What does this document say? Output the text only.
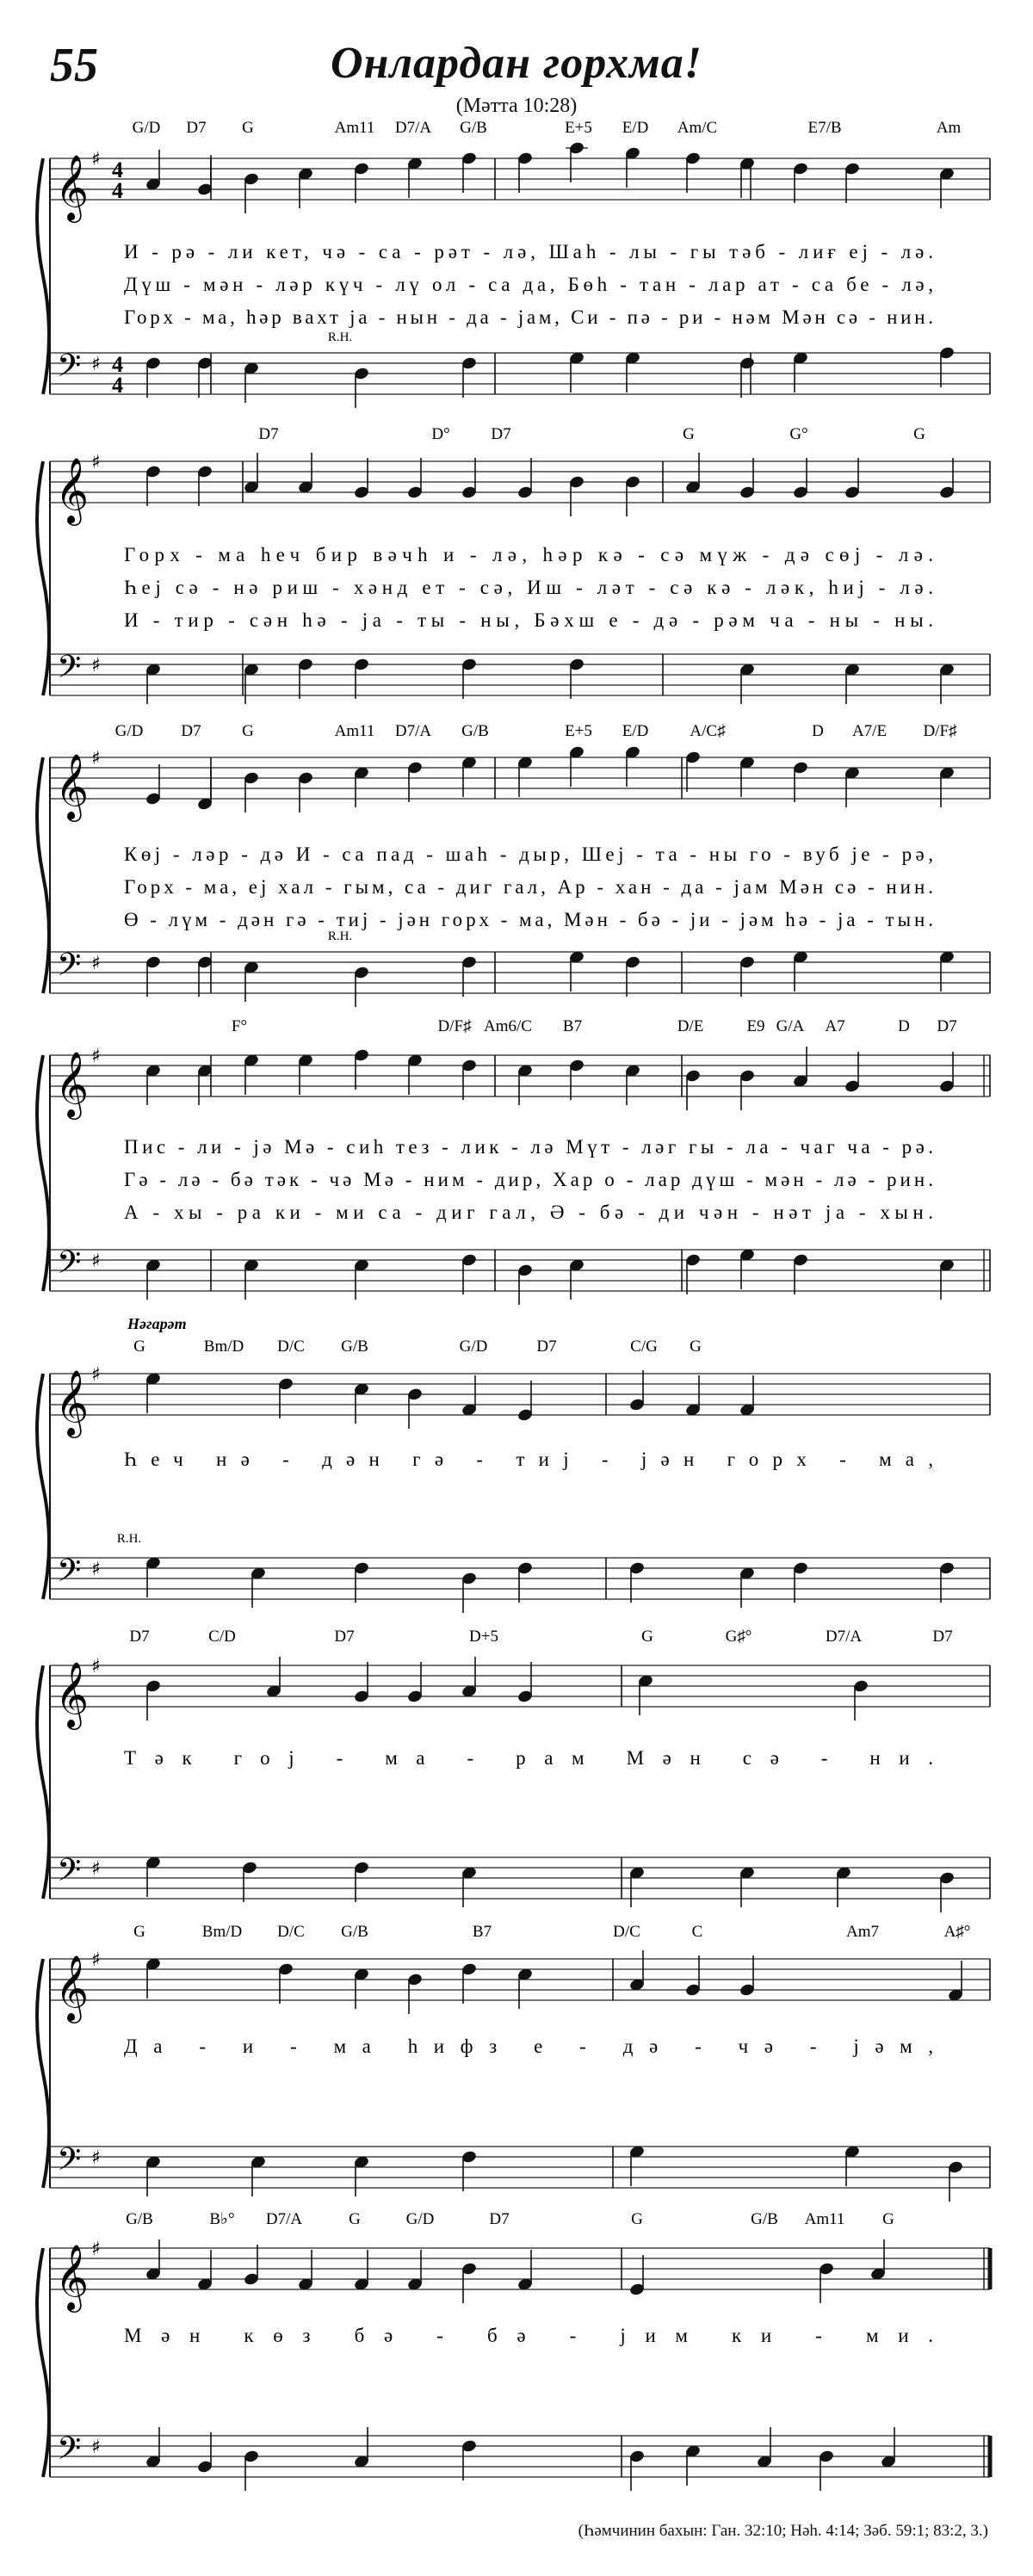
55	Онлардан горхма!
(Мәтта 10:28)
G/D D7 G	Am11 D7/A G/B	E+5 E/D Am/C	E7/B	Am
И - рә - ли кет, чә - са - рәт - лә, Шаһ - лы - гы тәб - лиғ еј - лә.
Дүш - мән - ләр күч - лү ол - са да, Бөһ - тан - лар ат - са бе - лә,
Горх - ма, һәр вахт ја - нын - да - јам, Си - пә - ри - нәм Мән сә - нин.
R.H.
𝄞
𝄢
♯
♯
4
4
4
4
D7	D°	D7	G	G°	G
Горх - ма һеч бир вәчһ и - лә, һәр кә - сә мүж - дә сөј - лә.
Һеј сә - нә риш - хәнд ет - сә, Иш - ләт - сә кә - ләк, һиј - лә.
И - тир - сән һә - ја - ты - ны, Бәхш е - дә - рәм ча - ны - ны.
𝄞
𝄢
♯
♯
G/D D7	G	Am11 D7/A G/B	E+5 E/D	A/C♯	D A7/E D/F♯
Көј - ләр - дә И - са пад - шаһ - дыр, Шеј - та - ны го - вуб је - рә,
Горх - ма, еј хал - гым, са - диг гал, Ар - хан - да - јам Мән сә - нин.
Ө - лүм - дән гә - тиј - јән горх - ма, Мән - бә - ји - јәм һә - ја - тын.
R.H.
𝄞
𝄢
♯
♯
F°	D/F♯ Am6/C B7	D/E	E9 G/A A7	D D7
Пис - ли - јә Мә - сиһ тез - лик - лә Мүт - ләг гы - ла - чаг ча - рә.
Гә - лә - бә тәк - чә Мә - ним - дир, Хар о - лар дүш - мән - лә - рин.
А - хы - ра ки - ми са - диг гал, Ә - бә - ди чән - нәт ја - хын.
𝄞
𝄢
♯
♯
G	Bm/D D/C G/B	G/D	D7	C/G G
Һеч нә - дән гә - тиј - јән горх - ма,
Нәгарәт
R.H.
𝄞
𝄢
♯
♯
D7	C/D	D7	D+5	G	G♯°	D7/A	D7
Тәк гој - ма - рам Мән сә - ни.
𝄞
𝄢
♯
♯
G	Bm/D D/C G/B	B7	D/C	C	Am7	A♯°
Да - и - ма һифз е - дә - чә - јәм,
𝄞
𝄢
♯
♯
G/B	B♭° D7/A	G	G/D	D7	G	G/B Am11 G
Мән көз бә - бә - јим ки - ми.
𝄞
𝄢
♯
♯
(Һәмчинин бахын: Ган. 32:10; Нәһ. 4:14; Зәб. 59:1; 83:2, 3.)
